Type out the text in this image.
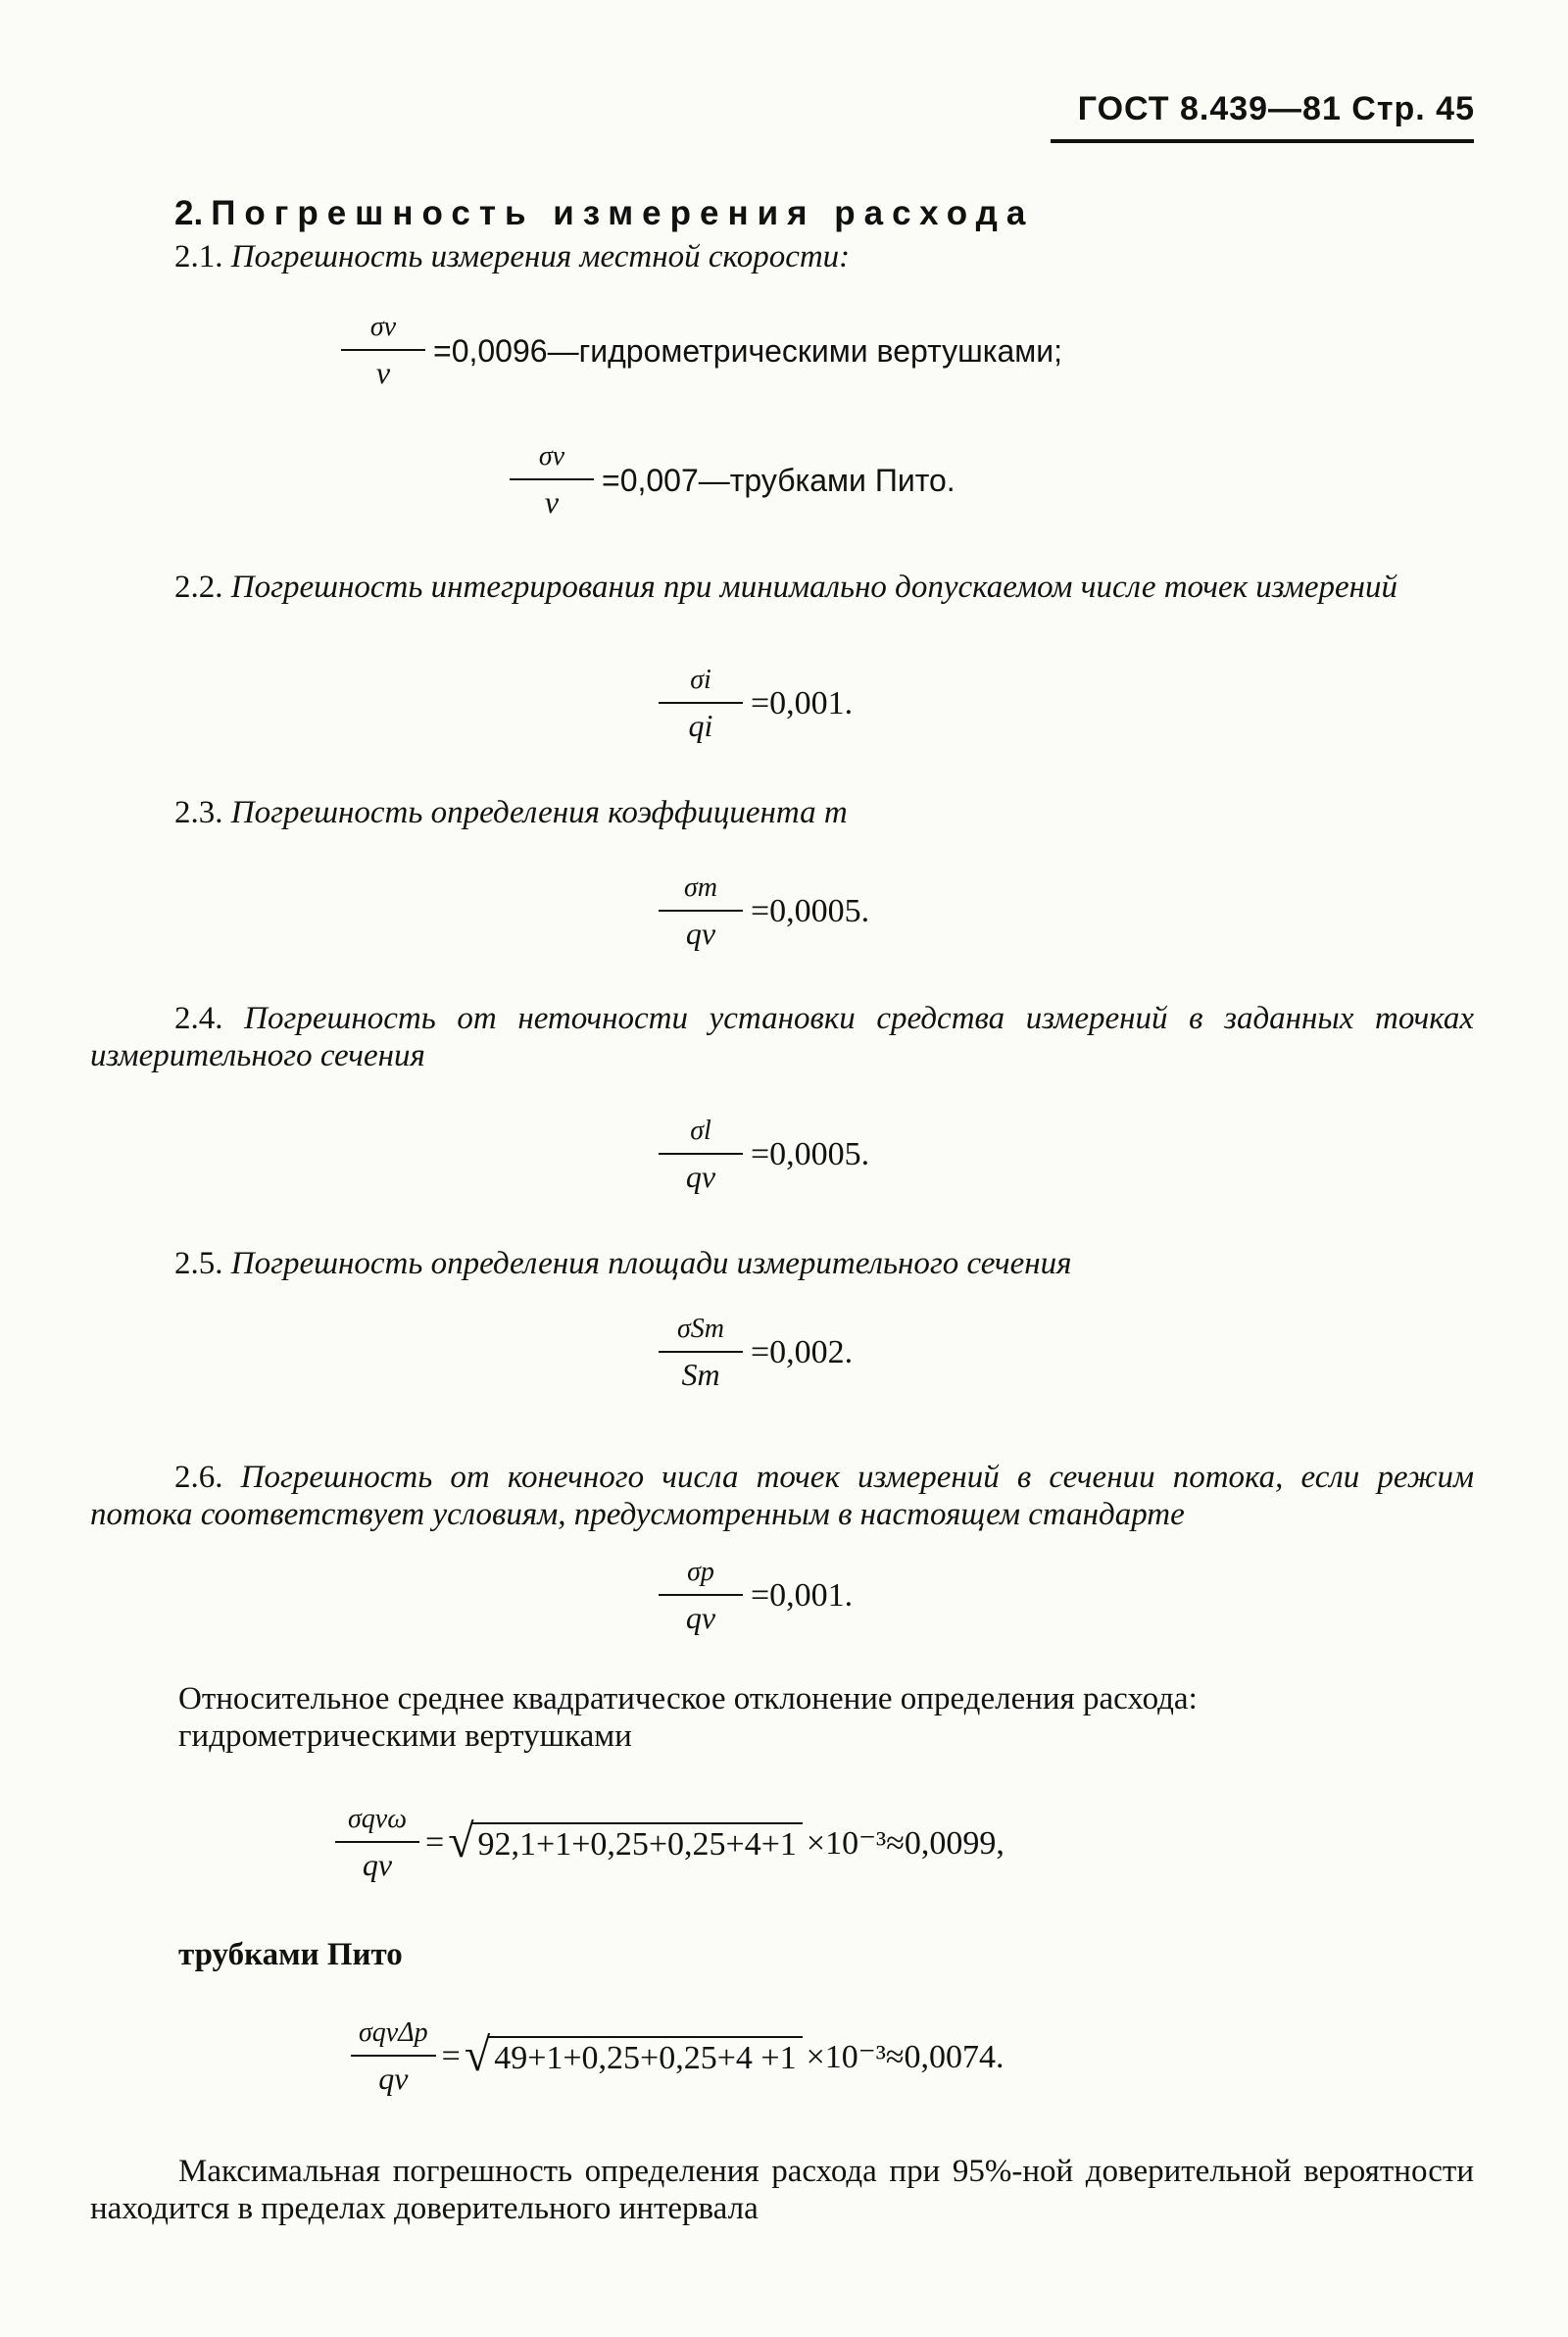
ГОСТ 8.439—81 Стр. 45
2. Погрешность измерения расхода
2.1. Погрешность измерения местной скорости:
$\frac{\sigma v}{v}$ =0,0096—гидрометрическими вертушками;
$\frac{\sigma v}{v}$ =0,007—трубками Пито.
2.2. Погрешность интегрирования при минимально допускаемом числе точек измерений
$\frac{\sigma i}{qi} =0,001$.
2.3. Погрешность определения коэффициента m
$\frac{\sigma m}{qv} =0,0005$.
2.4. Погрешность от неточности установки средства измерений в заданных точках измерительного сечения
$\frac{\sigma l}{qv} =0,0005$.
2.5. Погрешность определения площади измерительного сечения
$\frac{\text{σSт}}{Sт} =0,002$.
2.6. Погрешность от конечного числа точек измерений в сечении потока, если режим потока соответствует условиям, предусмотренным в настоящем стандарте
$\frac{\sigma p}{qv} =0,001$.
Относительное среднее квадратическое отклонение определения расхода:
гидрометрическими вертушками
$\frac{\text{σqvω}}{qv}$ = √ 92,1+1+0,25+0,25+4+1 ×10⁻³≈0,0099,
трубками Пито
$\frac{\text{σqvΔp}}{qv}$ = √ 49+1+0,25+0,25+4 +1 ×10⁻³≈0,0074.
Максимальная погрешность определения расхода при 95%-ной доверительной вероятности находится в пределах доверительного интервала
